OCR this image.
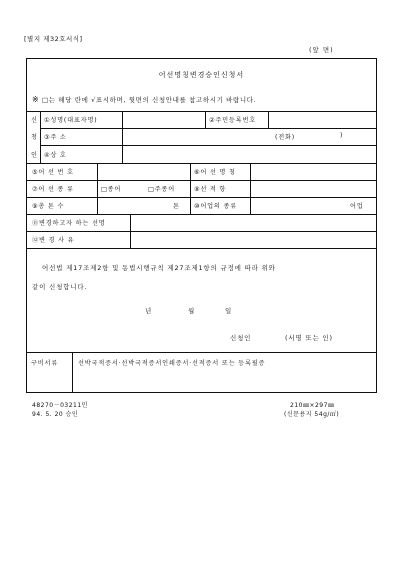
[별지 제32호서식]
(앞 면)
어선명칭변경승인신청서
※ □는 해당 란에 √표시하며, 뒷면의 신청안내를 참고하시기 바랍니다.
신
청
인
①성명(대표자명)	②주민등록번호
③주 소	(전화)	)
④상 호
⑤어 선 번 호	⑥어 선 명 칭
⑦어 선 종 류	□종어	□주종어	⑧선 적 항
⑨총 톤 수	톤 ⑩어업의 종류	어업
⑪변경하고자 하는 선명
⑫변 경 사 유
어선법 제17조제2항 및 동법시행규칙 제27조제1항의 규정에 따라 위와
같이 신청합니다.
년	월	일
신청인	(서명 또는 인)
구비서류	선박국적증서·선박국적증서인쇄증서·선적증서 또는 등록필증
48270－03211민
94. 5. 20 승인
210㎜×297㎜
(신문용지 54g/㎡)
